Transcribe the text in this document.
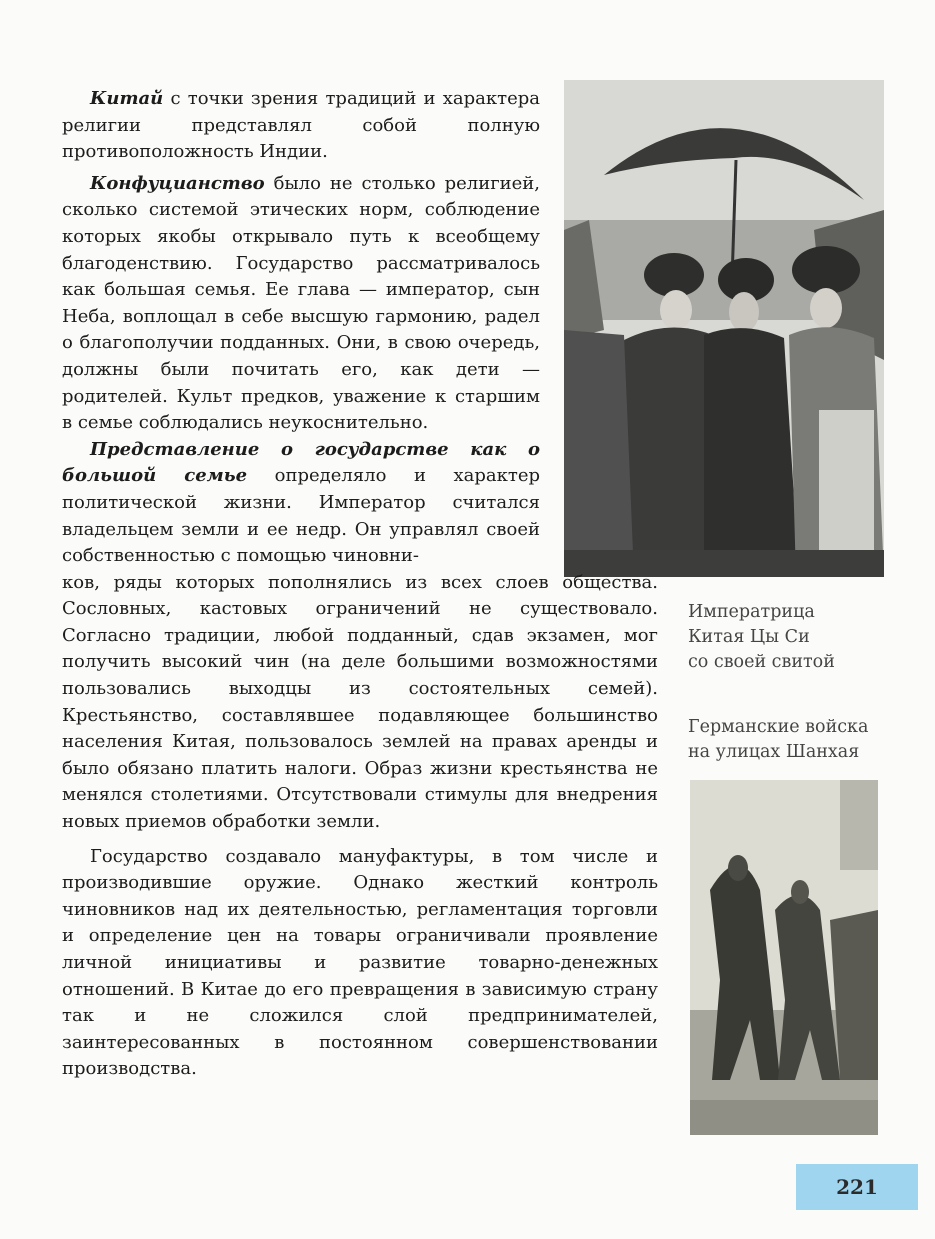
Императрица
Китая Цы Си
со своей свитой
Германские войска
на улицах Шанхая

Китай с точки зрения традиций и характера религии представлял собой полную противоположность Индии.

Конфуцианство было не столько религией, сколько системой этических норм, соблюдение которых якобы открывало путь к всеобщему благоденствию. Государство рассматривалось как большая семья. Ее глава — император, сын Неба, воплощал в себе высшую гармонию, радел о благополучии подданных. Они, в свою очередь, должны были почитать его, как дети — родителей. Культ предков, уважение к старшим в семье соблюдались неукоснительно.

Представление о государстве как о большой семье определяло и характер политической жизни. Император считался владельцем земли и ее недр. Он управлял своей собственностью с помощью чиновни-

ков, ряды которых пополнялись из всех слоев общества. Сословных, кастовых ограничений не существовало. Согласно традиции, любой подданный, сдав экзамен, мог получить высокий чин (на деле большими возможностями пользовались выходцы из состоятельных семей). Крестьянство, составлявшее подавляющее большинство населения Китая, пользовалось землей на правах аренды и было обязано платить налоги. Образ жизни крестьянства не менялся столетиями. Отсутствовали стимулы для внедрения новых приемов обработки земли.

Государство создавало мануфактуры, в том числе и производившие оружие. Однако жесткий контроль чиновников над их деятельностью, регламентация торговли и определение цен на товары ограничивали проявление личной инициативы и развитие товарно-денежных отношений. В Китае до его превращения в зависимую страну так и не сложился слой предпринимателей, заинтересованных в постоянном совершенствовании производства.

221
